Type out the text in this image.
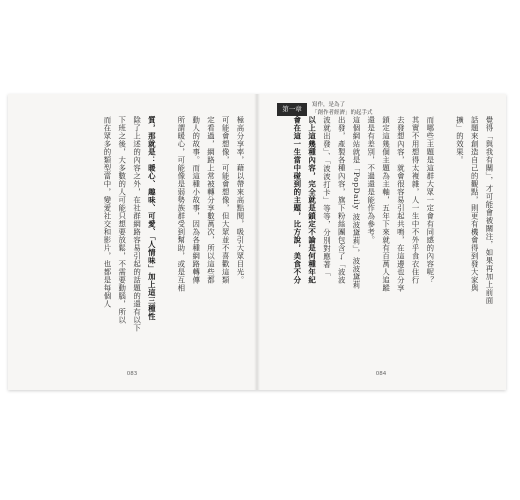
極高分享率，藉以帶來高點閱，吸引大眾目光。
可能會想像，可能會想像，但大眾並不喜歡這類
定看過，網路上常被轉分享數萬次，所以這些都
動人的故事。而這種小故事，因為各種網路轉傳
所謂暖心，可能像是弱勢族群受到幫助，或是互相
質，那就是：暖心、趣味、可愛、「人情味」加上這三種性
除了上述的內容之外，在社群網路容易引起的話題的還有以下
下班之後，大多數的人可能只想要放鬆，不需要動腦，所以
而在眾多的類型當中，變愛社交和影片，也都是每個人
083
第一章	寫作，是為了
「創作者經濟」的起手式
覺得「與我有關」，才可能會被關注，如果再加上前面
話題來創造自己的觀點，則更有機會得到發大家與
擴」的效果。
而哪些主題是這群大眾一定會有同感的內容呢？
其實不用想得太複雜，人一生中不外乎食衣住行
去發想內容，就會很容易引起共鳴，在這邊也分享
鎖定這幾個主題為主軸，五年下來就有百萬人追蹤
還是有差別，不過還是能作為參考。
這個網站就是「PopDaily 波波黛莉」，波波黛莉
出發，產製各種內容，旗下粉絲團包含了「波波
波就出發」、「波波打卡」等等，分別對應著「
以上這幾種內容，完全就是鎖定不論是何種年紀
會在這一生當中碰到的主題，比方說，美食不分
084
